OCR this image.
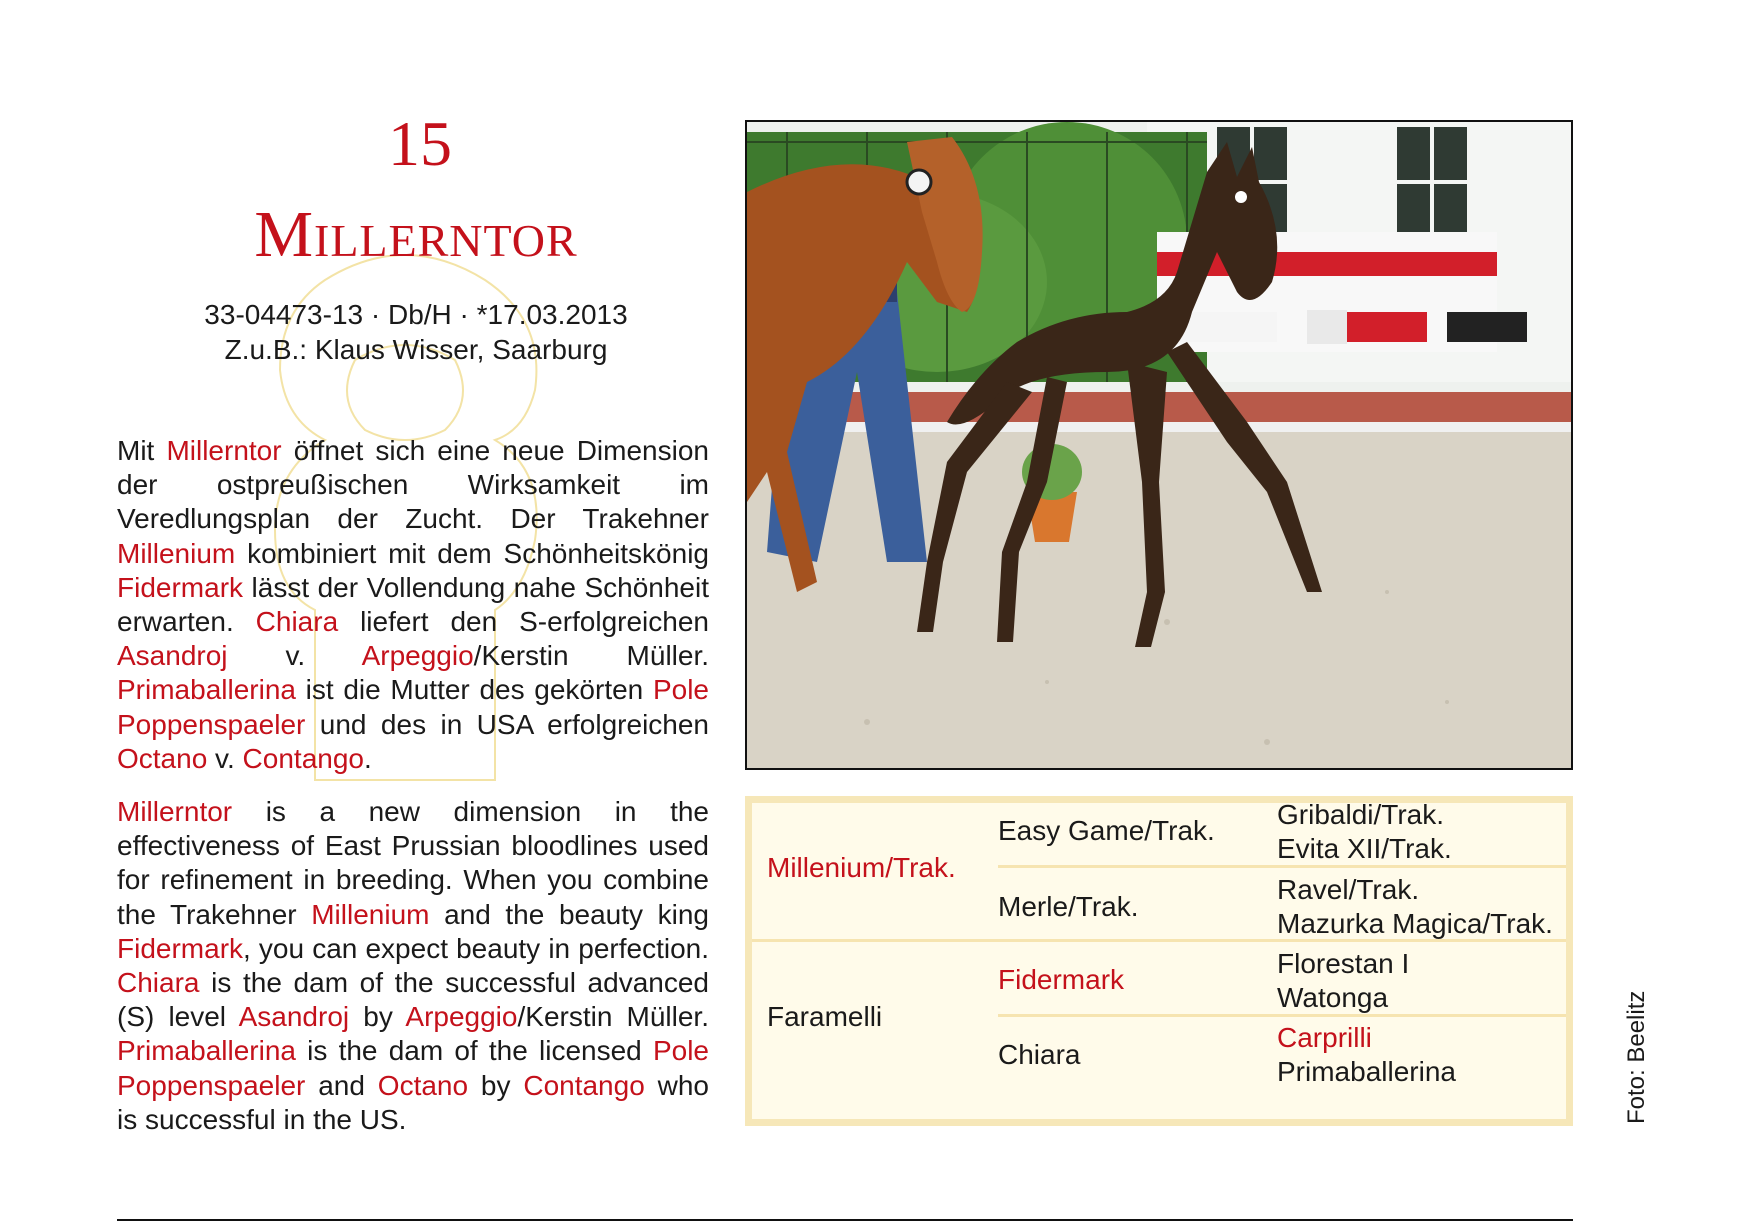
15
Millerntor
33-04473-13 · Db/H · *17.03.2013
Z.u.B.: Klaus Wisser, Saarburg
Mit Millerntor öffnet sich eine neue Dimension der ostpreußischen Wirksamkeit im Veredlungsplan der Zucht. Der Trakehner Millenium kombiniert mit dem Schönheitskönig Fidermark lässt der Vollendung nahe Schönheit erwarten. Chiara liefert den S-erfolgreichen Asandroj v. Arpeggio/Kerstin Müller. Primaballerina ist die Mutter des gekörten Pole Poppenspaeler und des in USA erfolgreichen Octano v. Contango.
Millerntor is a new dimension in the effectiveness of East Prussian bloodlines used for refinement in breeding. When you combine the Trakehner Millenium and the beauty king Fidermark, you can expect beauty in perfection. Chiara is the dam of the successful advanced (S) level Asandroj by Arpeggio/Kerstin Müller. Primaballerina is the dam of the licensed Pole Poppenspaeler and Octano by Contango who is successful in the US.
Millenium/Trak.
Faramelli
Easy Game/Trak.
Merle/Trak.
Fidermark
Chiara
Gribaldi/Trak.
Evita XII/Trak.
Ravel/Trak.
Mazurka Magica/Trak.
Florestan I
Watonga
Carprilli
Primaballerina	Foto: Beelitz
